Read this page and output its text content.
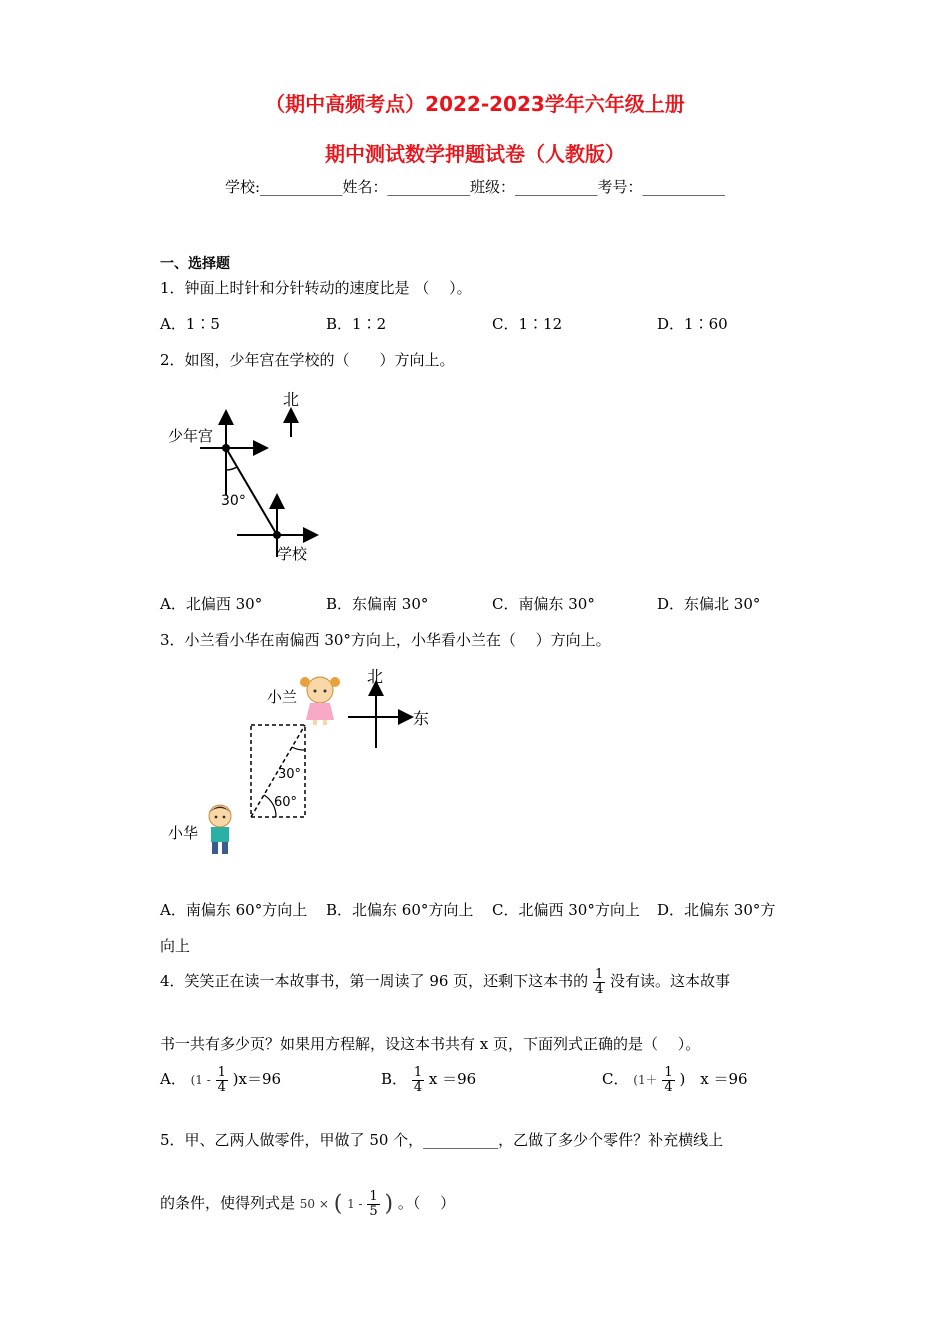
（期中高频考点）2022-2023学年六年级上册
期中测试数学押题试卷（人教版）
学校:___________姓名：___________班级：___________考号：___________
一、选择题
1．钟面上时针和分针转动的速度比是 （　 ）。
A．1∶5	B．1∶2	C．1∶12	D．1∶60
2．如图，少年宫在学校的（　　）方向上。
北
少年宫
学校
30°
A．北偏西 30°	B．东偏南 30°	C．南偏东 30°	D．东偏北 30°
3．小兰看小华在南偏西 30°方向上，小华看小兰在（　 ）方向上。
北
东
小兰
30°
60°
小华
A．南偏东 60°方向上 B．北偏东 60°方向上 C．北偏西 30°方向上 D．北偏东 30°方
向上
4．笑笑正在读一本故事书，第一周读了 96 页，还剩下这本书的 $\frac{1}{4}$ 没有读。这本故事
书一共有多少页？如果用方程解，设这本书共有 x 页，下面列式正确的是（　 ）。
A． $(1 - \frac{1}{4} )x=96$	B． $\frac{1}{4}$ x ＝96	C． ($1+ \frac{1}{4}$ )　x ＝96
5．甲、乙两人做零件，甲做了 50 个，__________，乙做了多少个零件？补充横线上
的条件，使得列式是 50 × ( $1 - \frac{1}{5}$ ) 。（　 ）
